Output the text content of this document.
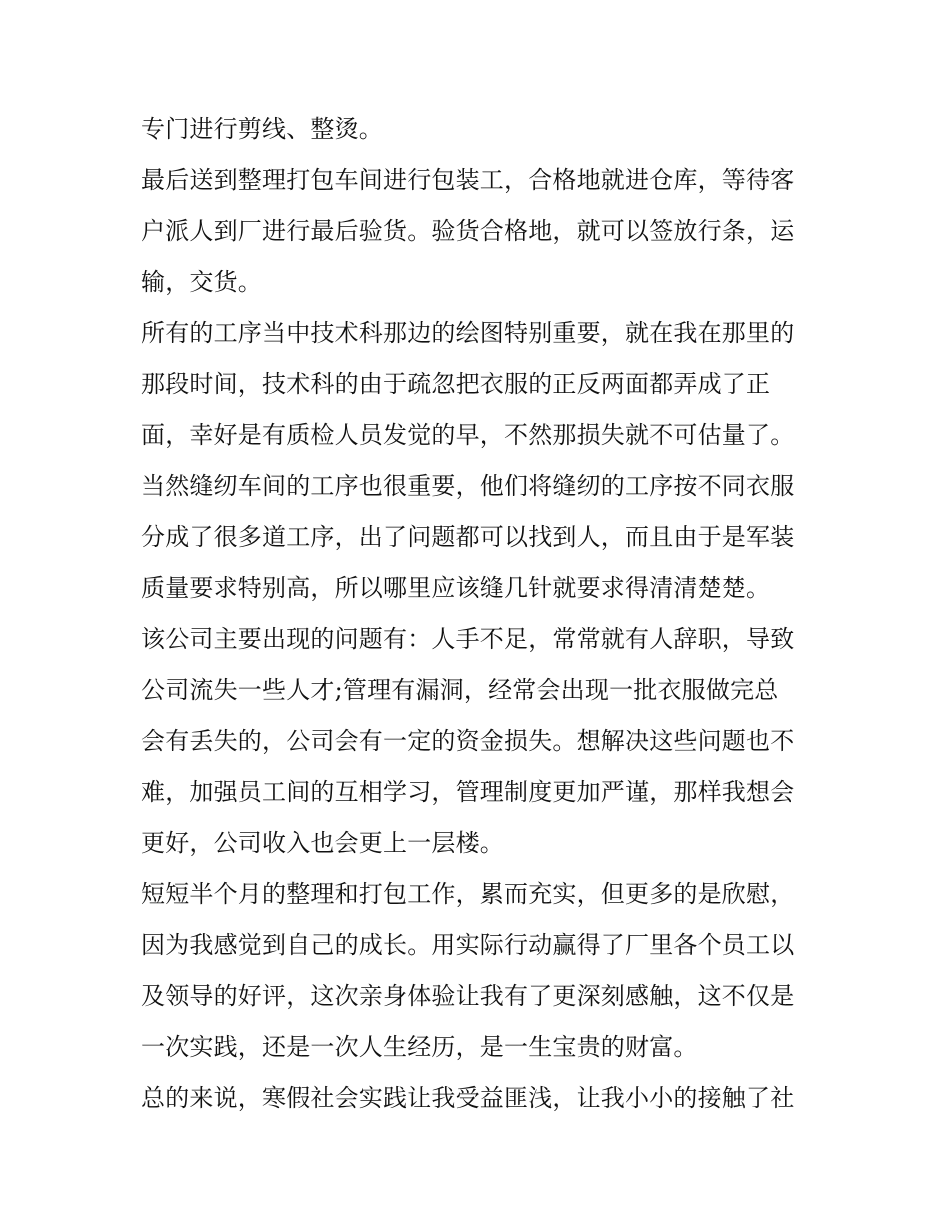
专门进行剪线、整烫。
最后送到整理打包车间进行包装工，合格地就进仓库，等待客
户派人到厂进行最后验货。验货合格地，就可以签放行条，运
输，交货。
所有的工序当中技术科那边的绘图特别重要，就在我在那里的
那段时间，技术科的由于疏忽把衣服的正反两面都弄成了正
面，幸好是有质检人员发觉的早，不然那损失就不可估量了。
当然缝纫车间的工序也很重要，他们将缝纫的工序按不同衣服
分成了很多道工序，出了问题都可以找到人，而且由于是军装
质量要求特别高，所以哪里应该缝几针就要求得清清楚楚。
该公司主要出现的问题有：人手不足，常常就有人辞职，导致
公司流失一些人才;管理有漏洞，经常会出现一批衣服做完总
会有丢失的，公司会有一定的资金损失。想解决这些问题也不
难，加强员工间的互相学习，管理制度更加严谨，那样我想会
更好，公司收入也会更上一层楼。
短短半个月的整理和打包工作，累而充实，但更多的是欣慰，
因为我感觉到自己的成长。用实际行动赢得了厂里各个员工以
及领导的好评，这次亲身体验让我有了更深刻感触，这不仅是
一次实践，还是一次人生经历，是一生宝贵的财富。
总的来说，寒假社会实践让我受益匪浅，让我小小的接触了社
